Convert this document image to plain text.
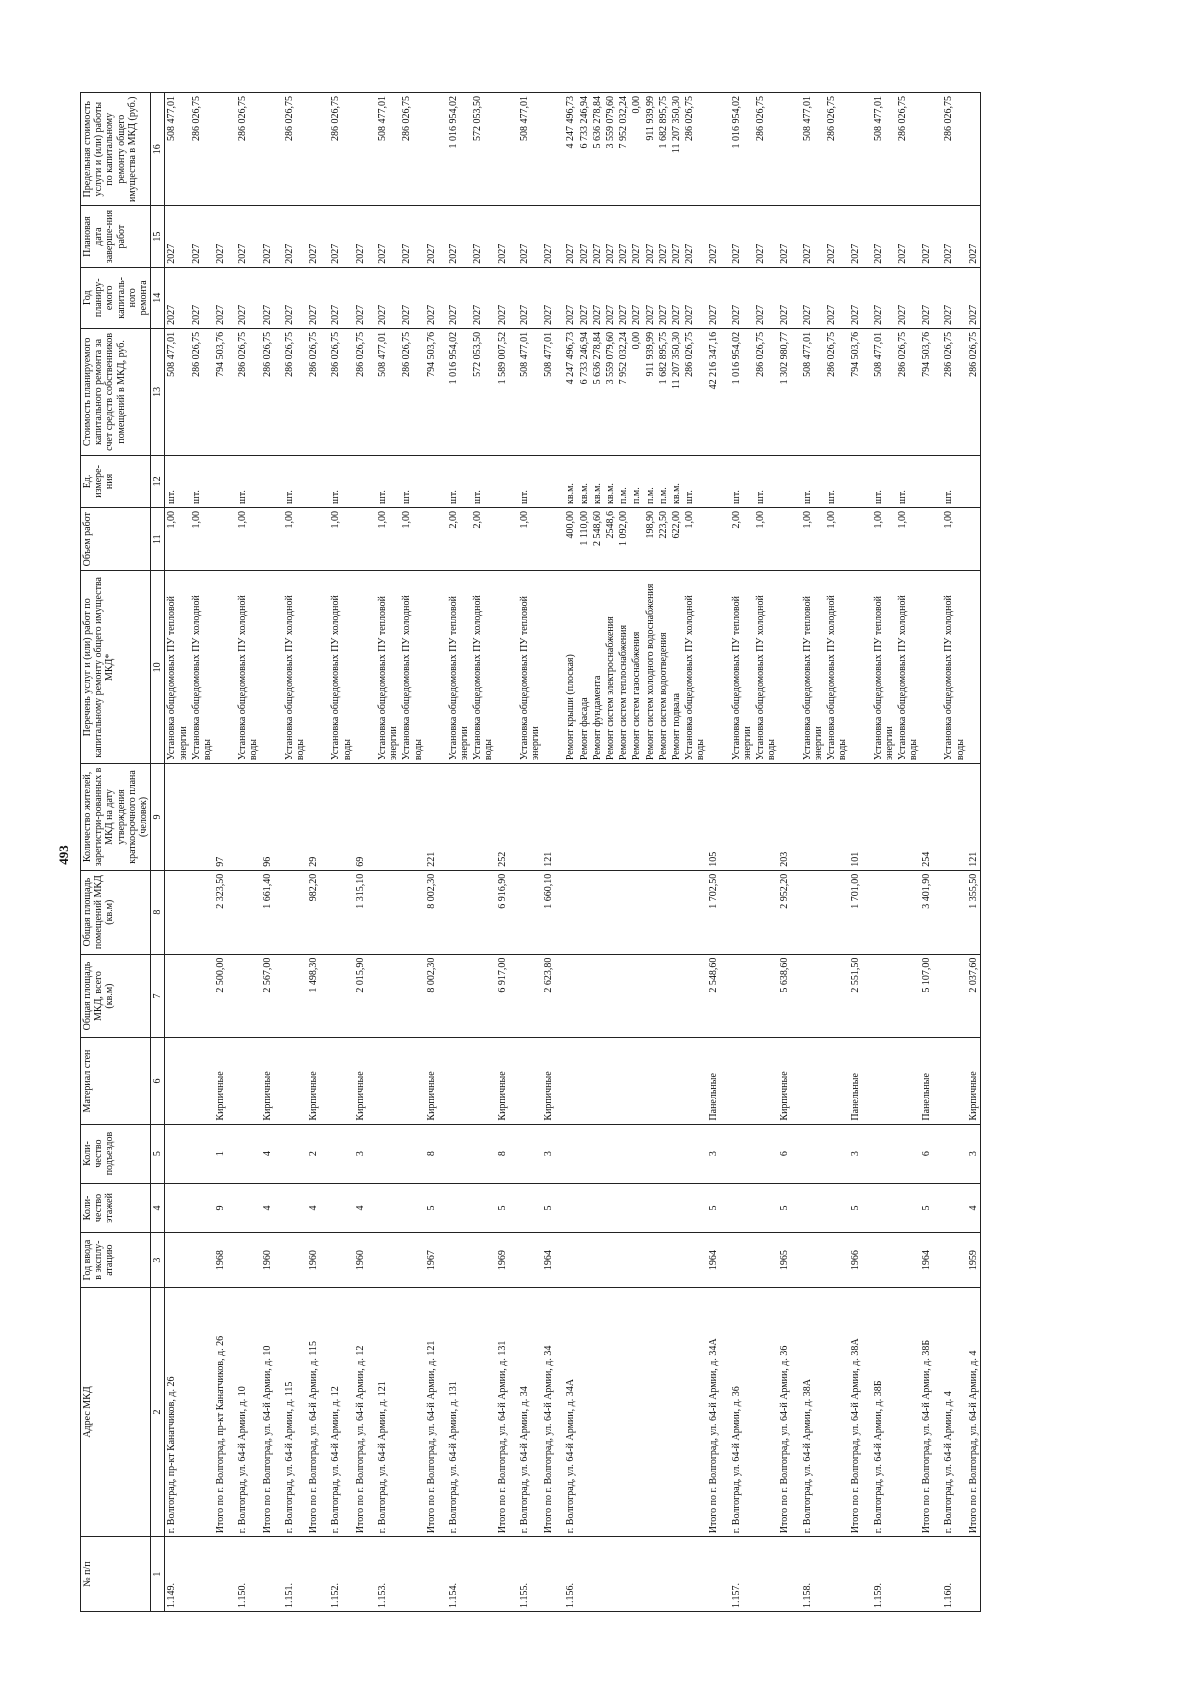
493
№ п/п	Адрес МКД	Год ввода в эксплу-атацию	Коли-чество этажей	Коли-чество подъездов	Материал стен	Общая площадь МКД, всего (кв.м)	Общая площадь помещений МКД (кв.м)	Количество жителей, зарегистри-рованных в МКД на дату утверждения краткосрочного плана (человек)	Перечень услуг и (или) работ по капитальному ремонту общего имущества МКД*	Объем работ	Ед. измере-ния	Стоимость планируемого капитального ремонта за счет средств собственников помещений в МКД, руб.	Год планиру-емого капиталь-ного ремонта	Плановая дата заверше-ния работ	Предельная стоимость услуги и (или) работы по капитальному ремонту общего имущества в МКД (руб.)
1	2	3	4	5	6	7	8	9	10	11	12	13	14	15	16
1.149.	г. Волгоград, пр-кт Канатчиков, д. 26								Установка общедомовых ПУ тепловой энергии	1,00	шт.	508 477,01	2027	2027	508 477,01
									Установка общедомовых ПУ холодной воды	1,00	шт.	286 026,75	2027	2027	286 026,75
	Итого по г. Волгоград, пр-кт Канатчиков, д. 26	1968	9	1	Кирпичные	2 500,00	2 323,50	97				794 503,76	2027	2027	
1.150.	г. Волгоград, ул. 64-й Армии, д. 10								Установка общедомовых ПУ холодной воды	1,00	шт.	286 026,75	2027	2027	286 026,75
	Итого по г. Волгоград, ул. 64-й Армии, д. 10	1960	4	4	Кирпичные	2 567,00	1 661,40	96				286 026,75	2027	2027	
1.151.	г. Волгоград, ул. 64-й Армии, д. 115								Установка общедомовых ПУ холодной воды	1,00	шт.	286 026,75	2027	2027	286 026,75
	Итого по г. Волгоград, ул. 64-й Армии, д. 115	1960	4	2	Кирпичные	1 498,30	982,20	29				286 026,75	2027	2027	
1.152.	г. Волгоград, ул. 64-й Армии, д. 12								Установка общедомовых ПУ холодной воды	1,00	шт.	286 026,75	2027	2027	286 026,75
	Итого по г. Волгоград, ул. 64-й Армии, д. 12	1960	4	3	Кирпичные	2 015,90	1 315,10	69				286 026,75	2027	2027	
1.153.	г. Волгоград, ул. 64-й Армии, д. 121								Установка общедомовых ПУ тепловой энергии	1,00	шт.	508 477,01	2027	2027	508 477,01
									Установка общедомовых ПУ холодной воды	1,00	шт.	286 026,75	2027	2027	286 026,75
	Итого по г. Волгоград, ул. 64-й Армии, д. 121	1967	5	8	Кирпичные	8 002,30	8 002,30	221				794 503,76	2027	2027	
1.154.	г. Волгоград, ул. 64-й Армии, д. 131								Установка общедомовых ПУ тепловой энергии	2,00	шт.	1 016 954,02	2027	2027	1 016 954,02
									Установка общедомовых ПУ холодной воды	2,00	шт.	572 053,50	2027	2027	572 053,50
	Итого по г. Волгоград, ул. 64-й Армии, д. 131	1969	5	8	Кирпичные	6 917,00	6 916,90	252				1 589 007,52	2027	2027	
1.155.	г. Волгоград, ул. 64-й Армии, д. 34								Установка общедомовых ПУ тепловой энергии	1,00	шт.	508 477,01	2027	2027	508 477,01
	Итого по г. Волгоград, ул. 64-й Армии, д. 34	1964	5	3	Кирпичные	2 623,80	1 660,10	121				508 477,01	2027	2027	
1.156.	г. Волгоград, ул. 64-й Армии, д. 34А								Ремонт крыши (плоская)	400,00	кв.м.	4 247 496,73	2027	2027	4 247 496,73
									Ремонт фасада	1 110,00	кв.м.	6 733 246,94	2027	2027	6 733 246,94
									Ремонт фундамента	2 548,60	кв.м.	5 636 278,84	2027	2027	5 636 278,84
									Ремонт систем электроснабжения	2548,6	кв.м.	3 559 079,60	2027	2027	3 559 079,60
									Ремонт систем теплоснабжения	1 092,00	п.м.	7 952 032,24	2027	2027	7 952 032,24
									Ремонт систем газоснабжения		п.м.	0,00	2027	2027	0,00
									Ремонт систем холодного водоснабжения	198,90	п.м.	911 939,99	2027	2027	911 939,99
									Ремонт систем водоотведения	223,50	п.м.	1 682 895,75	2027	2027	1 682 895,75
									Ремонт подвала	622,00	кв.м.	11 207 350,30	2027	2027	11 207 350,30
									Установка общедомовых ПУ холодной воды	1,00	шт.	286 026,75	2027	2027	286 026,75
	Итого по г. Волгоград, ул. 64-й Армии, д. 34А	1964	5	3	Панельные	2 548,60	1 702,50	105				42 216 347,16	2027	2027	
1.157.	г. Волгоград, ул. 64-й Армии, д. 36								Установка общедомовых ПУ тепловой энергии	2,00	шт.	1 016 954,02	2027	2027	1 016 954,02
									Установка общедомовых ПУ холодной воды	1,00	шт.	286 026,75	2027	2027	286 026,75
	Итого по г. Волгоград, ул. 64-й Армии, д. 36	1965	5	6	Кирпичные	5 638,60	2 952,20	203				1 302 980,77	2027	2027	
1.158.	г. Волгоград, ул. 64-й Армии, д. 38А								Установка общедомовых ПУ тепловой энергии	1,00	шт.	508 477,01	2027	2027	508 477,01
									Установка общедомовых ПУ холодной воды	1,00	шт.	286 026,75	2027	2027	286 026,75
	Итого по г. Волгоград, ул. 64-й Армии, д. 38А	1966	5	3	Панельные	2 551,50	1 701,00	101				794 503,76	2027	2027	
1.159.	г. Волгоград, ул. 64-й Армии, д. 38Б								Установка общедомовых ПУ тепловой энергии	1,00	шт.	508 477,01	2027	2027	508 477,01
									Установка общедомовых ПУ холодной воды	1,00	шт.	286 026,75	2027	2027	286 026,75
	Итого по г. Волгоград, ул. 64-й Армии, д. 38Б	1964	5	6	Панельные	5 107,00	3 401,90	254				794 503,76	2027	2027	
1.160.	г. Волгоград, ул. 64-й Армии, д. 4								Установка общедомовых ПУ холодной воды	1,00	шт.	286 026,75	2027	2027	286 026,75
	Итого по г. Волгоград, ул. 64-й Армии, д. 4	1959	4	3	Кирпичные	2 037,60	1 355,50	121				286 026,75	2027	2027	
